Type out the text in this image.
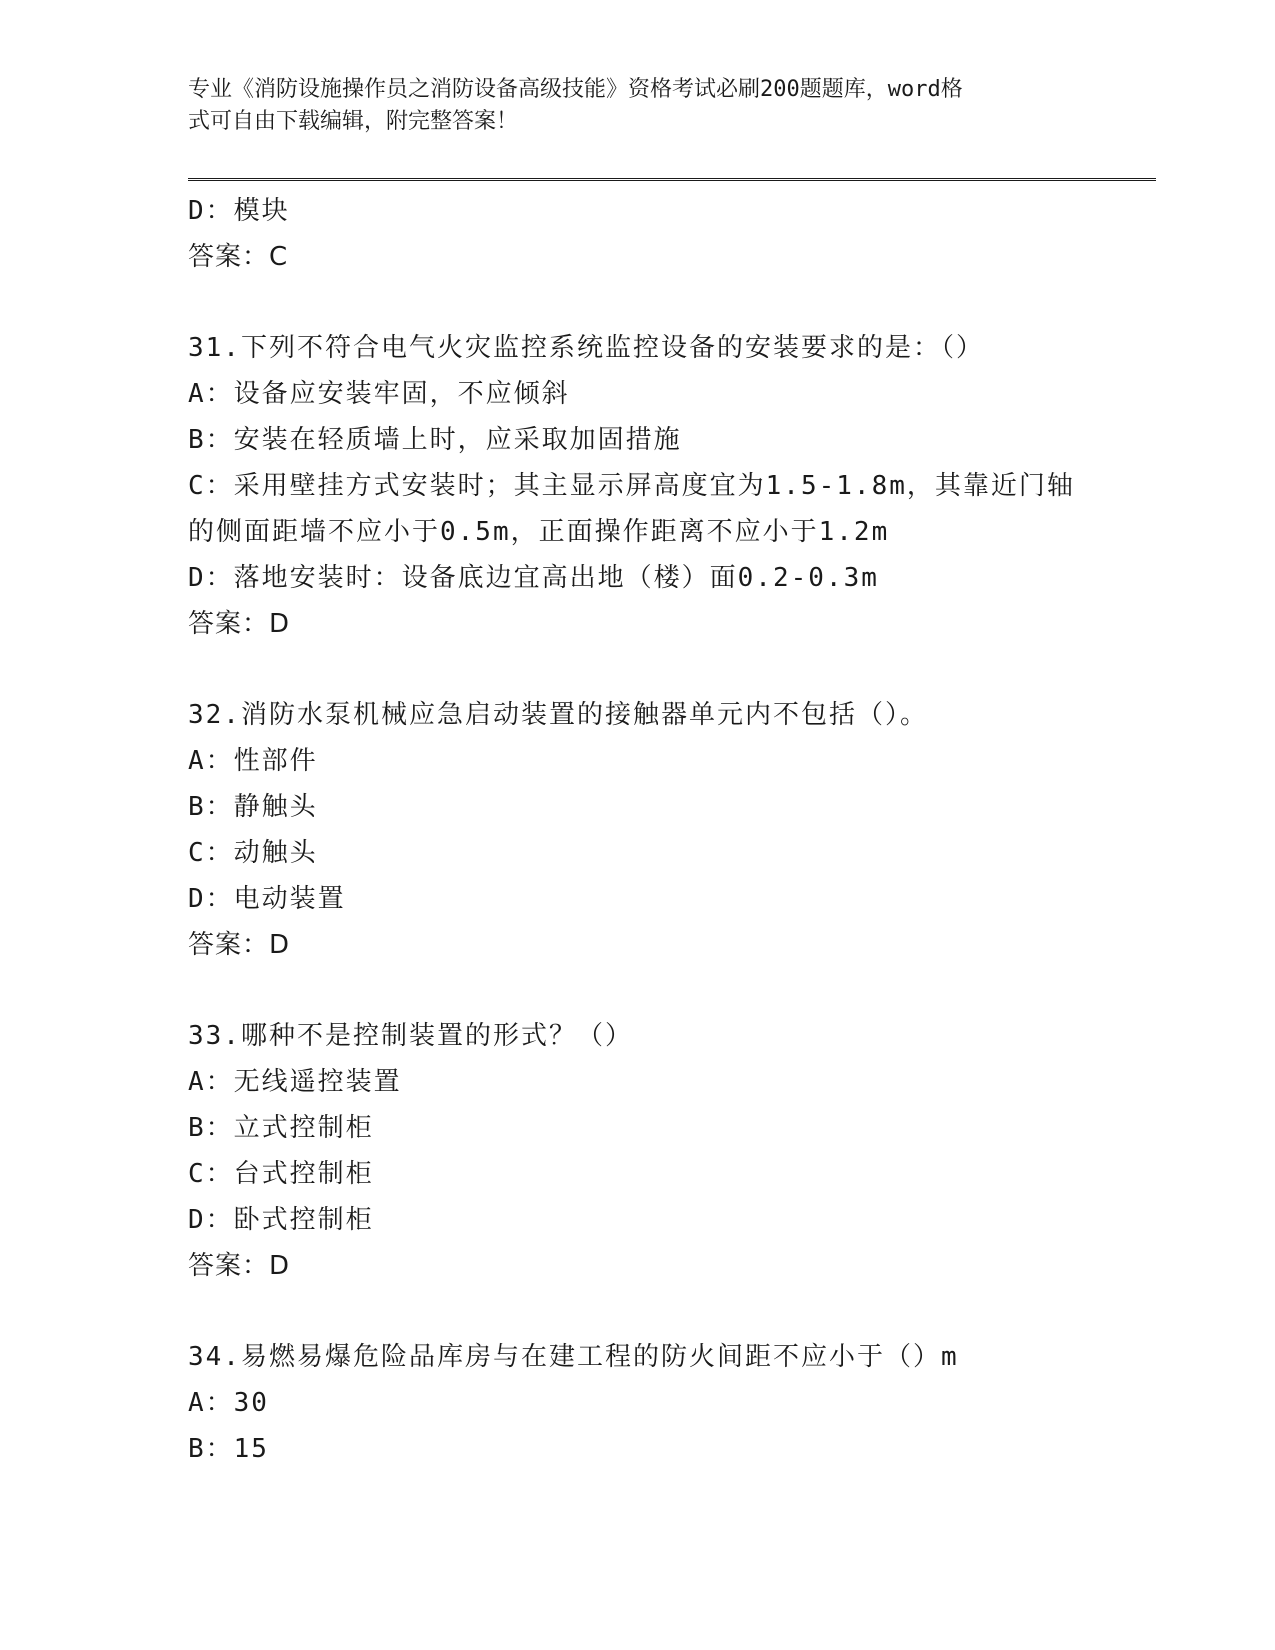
专业《消防设施操作员之消防设备高级技能》资格考试必刷200题题库，word格
式可自由下载编辑，附完整答案！
D：模块
答案：C
31.下列不符合电气火灾监控系统监控设备的安装要求的是：（）
A：设备应安装牢固，不应倾斜
B：安装在轻质墙上时，应采取加固措施
C：采用壁挂方式安装时；其主显示屏高度宜为1.5-1.8m，其靠近门轴
的侧面距墙不应小于0.5m，正面操作距离不应小于1.2m
D：落地安装时：设备底边宜高出地（楼）面0.2-0.3m
答案：D
32.消防水泵机械应急启动装置的接触器单元内不包括（）。
A：性部件
B：静触头
C：动触头
D：电动装置
答案：D
33.哪种不是控制装置的形式？（）
A：无线遥控装置
B：立式控制柜
C：台式控制柜
D：卧式控制柜
答案：D
34.易燃易爆危险品库房与在建工程的防火间距不应小于（）m
A：30
B：15
